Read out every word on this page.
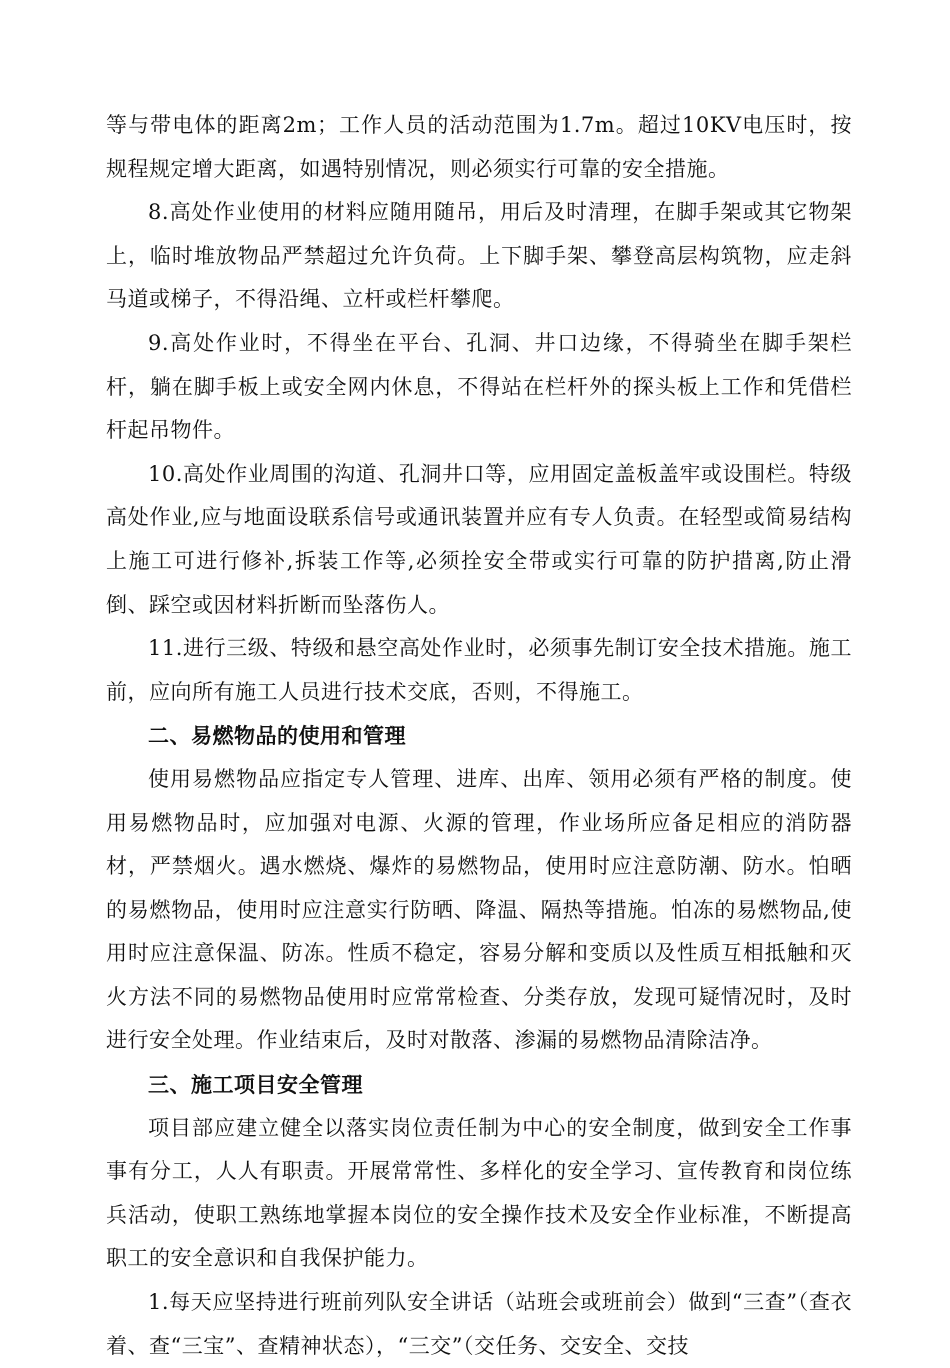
等与带电体的距离2m；工作人员的活动范围为1.7m。超过10KV电压时，按规程规定增大距离，如遇特别情况，则必须实行可靠的安全措施。

8.高处作业使用的材料应随用随吊，用后及时清理，在脚手架或其它物架上，临时堆放物品严禁超过允许负荷。上下脚手架、攀登高层构筑物，应走斜马道或梯子，不得沿绳、立杆或栏杆攀爬。

9.高处作业时，不得坐在平台、孔洞、井口边缘，不得骑坐在脚手架栏杆，躺在脚手板上或安全网内休息，不得站在栏杆外的探头板上工作和凭借栏杆起吊物件。

10.高处作业周围的沟道、孔洞井口等，应用固定盖板盖牢或设围栏。特级高处作业,应与地面设联系信号或通讯装置并应有专人负责。在轻型或简易结构上施工可进行修补,拆装工作等,必须拴安全带或实行可靠的防护措离,防止滑倒、踩空或因材料折断而坠落伤人。

11.进行三级、特级和悬空高处作业时，必须事先制订安全技术措施。施工前，应向所有施工人员进行技术交底，否则，不得施工。

二、易燃物品的使用和管理

使用易燃物品应指定专人管理、进库、出库、领用必须有严格的制度。使用易燃物品时，应加强对电源、火源的管理，作业场所应备足相应的消防器材，严禁烟火。遇水燃烧、爆炸的易燃物品，使用时应注意防潮、防水。怕晒的易燃物品，使用时应注意实行防晒、降温、隔热等措施。怕冻的易燃物品,使用时应注意保温、防冻。性质不稳定，容易分解和变质以及性质互相抵触和灭火方法不同的易燃物品使用时应常常检查、分类存放，发现可疑情况时，及时进行安全处理。作业结束后，及时对散落、渗漏的易燃物品清除洁净。

三、施工项目安全管理

项目部应建立健全以落实岗位责任制为中心的安全制度，做到安全工作事事有分工，人人有职责。开展常常性、多样化的安全学习、宣传教育和岗位练兵活动，使职工熟练地掌握本岗位的安全操作技术及安全作业标准，不断提高职工的安全意识和自我保护能力。

1.每天应坚持进行班前列队安全讲话（站班会或班前会）做到“三查”（查衣着、查“三宝”、查精神状态），“三交”（交任务、交安全、交技
